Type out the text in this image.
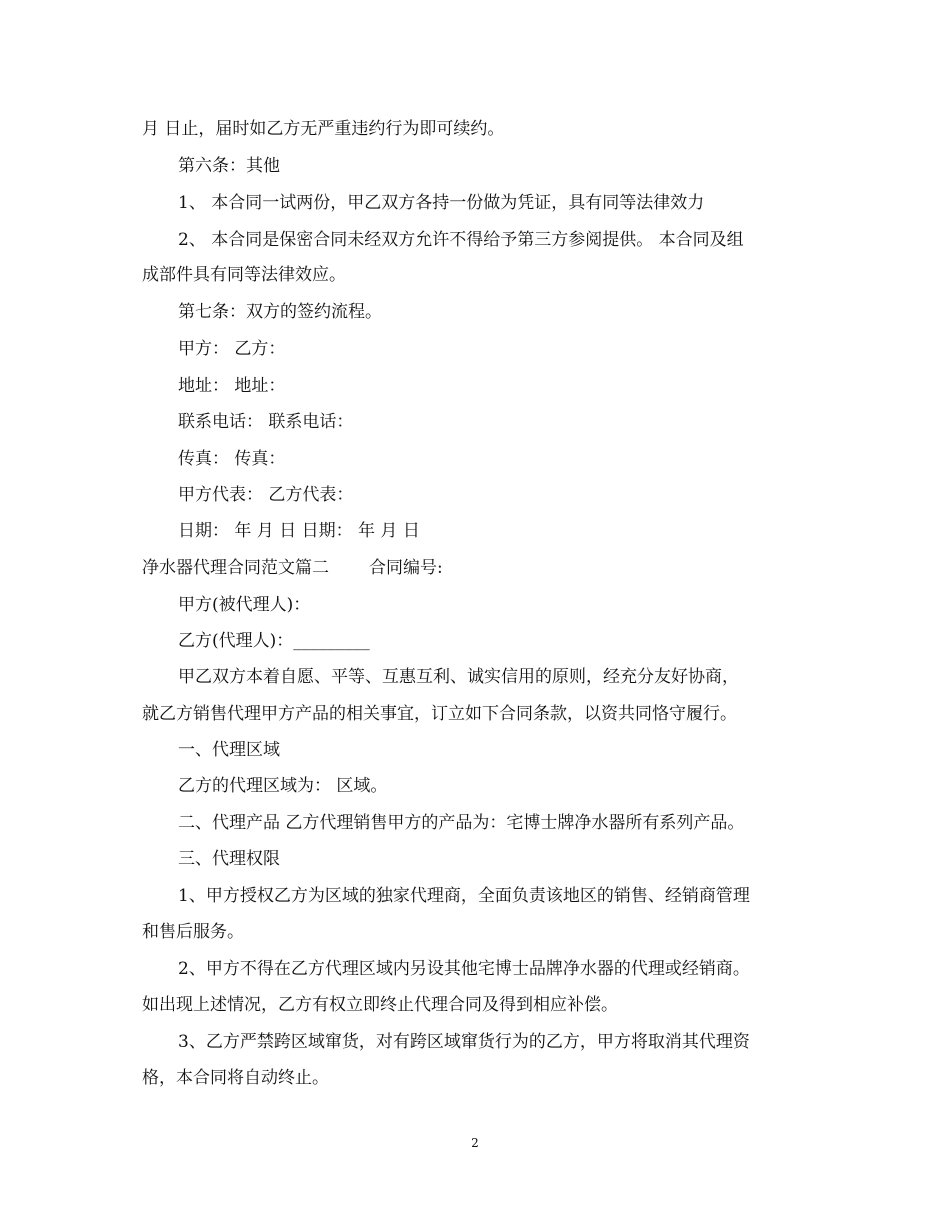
月 日止，届时如乙方无严重违约行为即可续约。
第六条：其他
1、 本合同一试两份，甲乙双方各持一份做为凭证，具有同等法律效力
2、 本合同是保密合同未经双方允许不得给予第三方参阅提供。 本合同及组
成部件具有同等法律效应。
第七条：双方的签约流程。
甲方： 乙方：
地址： 地址：
联系电话： 联系电话：
传真： 传真：
甲方代表： 乙方代表：
日期： 年 月 日 日期： 年 月 日
净水器代理合同范文篇二 合同编号:
甲方(被代理人)：
乙方(代理人)：_________
甲乙双方本着自愿、平等、互惠互利、诚实信用的原则，经充分友好协商，
就乙方销售代理甲方产品的相关事宜，订立如下合同条款，以资共同恪守履行。
一、代理区域
乙方的代理区域为： 区域。
二、代理产品 乙方代理销售甲方的产品为：宅博士牌净水器所有系列产品。
三、代理权限
1、甲方授权乙方为区域的独家代理商，全面负责该地区的销售、经销商管理
和售后服务。
2、甲方不得在乙方代理区域内另设其他宅博士品牌净水器的代理或经销商。
如出现上述情况，乙方有权立即终止代理合同及得到相应补偿。
3、乙方严禁跨区域窜货，对有跨区域窜货行为的乙方，甲方将取消其代理资
格，本合同将自动终止。
2
